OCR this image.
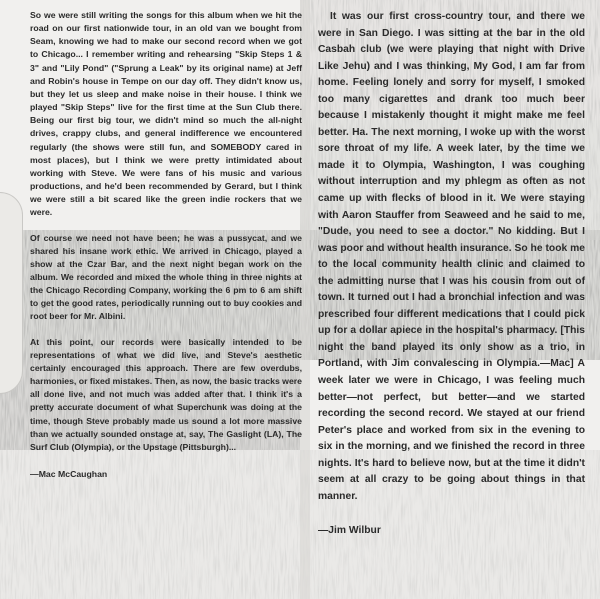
So we were still writing the songs for this album when we hit the road on our first nationwide tour, in an old van we bought from Seam, knowing we had to make our second record when we got to Chicago... I remember writing and rehearsing "Skip Steps 1 & 3" and "Lily Pond" ("Sprung a Leak" by its original name) at Jeff and Robin's house in Tempe on our day off. They didn't know us, but they let us sleep and make noise in their house. I think we played "Skip Steps" live for the first time at the Sun Club there. Being our first big tour, we didn't mind so much the all-night drives, crappy clubs, and general indifference we encountered regularly (the shows were still fun, and SOMEBODY cared in most places), but I think we were pretty intimidated about working with Steve. We were fans of his music and various productions, and he'd been recommended by Gerard, but I think we were still a bit scared like the green indie rockers that we were.

Of course we need not have been; he was a pussycat, and we shared his insane work ethic. We arrived in Chicago, played a show at the Czar Bar, and the next night began work on the album. We recorded and mixed the whole thing in three nights at the Chicago Recording Company, working the 6 pm to 6 am shift to get the good rates, periodically running out to buy cookies and root beer for Mr. Albini.

At this point, our records were basically intended to be representations of what we did live, and Steve's aesthetic certainly encouraged this approach. There are few overdubs, harmonies, or fixed mistakes. Then, as now, the basic tracks were all done live, and not much was added after that. I think it's a pretty accurate document of what Superchunk was doing at the time, though Steve probably made us sound a lot more massive than we actually sounded onstage at, say, The Gaslight (LA), The Surf Club (Olympia), or the Upstage (Pittsburgh)...

—Mac McCaughan

It was our first cross-country tour, and there we were in San Diego. I was sitting at the bar in the old Casbah club (we were playing that night with Drive Like Jehu) and I was thinking, My God, I am far from home. Feeling lonely and sorry for myself, I smoked too many cigarettes and drank too much beer because I mistakenly thought it might make me feel better. Ha. The next morning, I woke up with the worst sore throat of my life. A week later, by the time we made it to Olympia, Washington, I was coughing without interruption and my phlegm as often as not came up with flecks of blood in it. We were staying with Aaron Stauffer from Seaweed and he said to me, "Dude, you need to see a doctor." No kidding. But I was poor and without health insurance. So he took me to the local community health clinic and claimed to the admitting nurse that I was his cousin from out of town. It turned out I had a bronchial infection and was prescribed four different medications that I could pick up for a dollar apiece in the hospital's pharmacy. [This night the band played its only show as a trio, in Portland, with Jim convalescing in Olympia.—Mac] A week later we were in Chicago, I was feeling much better—not perfect, but better—and we started recording the second record. We stayed at our friend Peter's place and worked from six in the evening to six in the morning, and we finished the record in three nights. It's hard to believe now, but at the time it didn't seem at all crazy to be going about things in that manner.

—Jim Wilbur
